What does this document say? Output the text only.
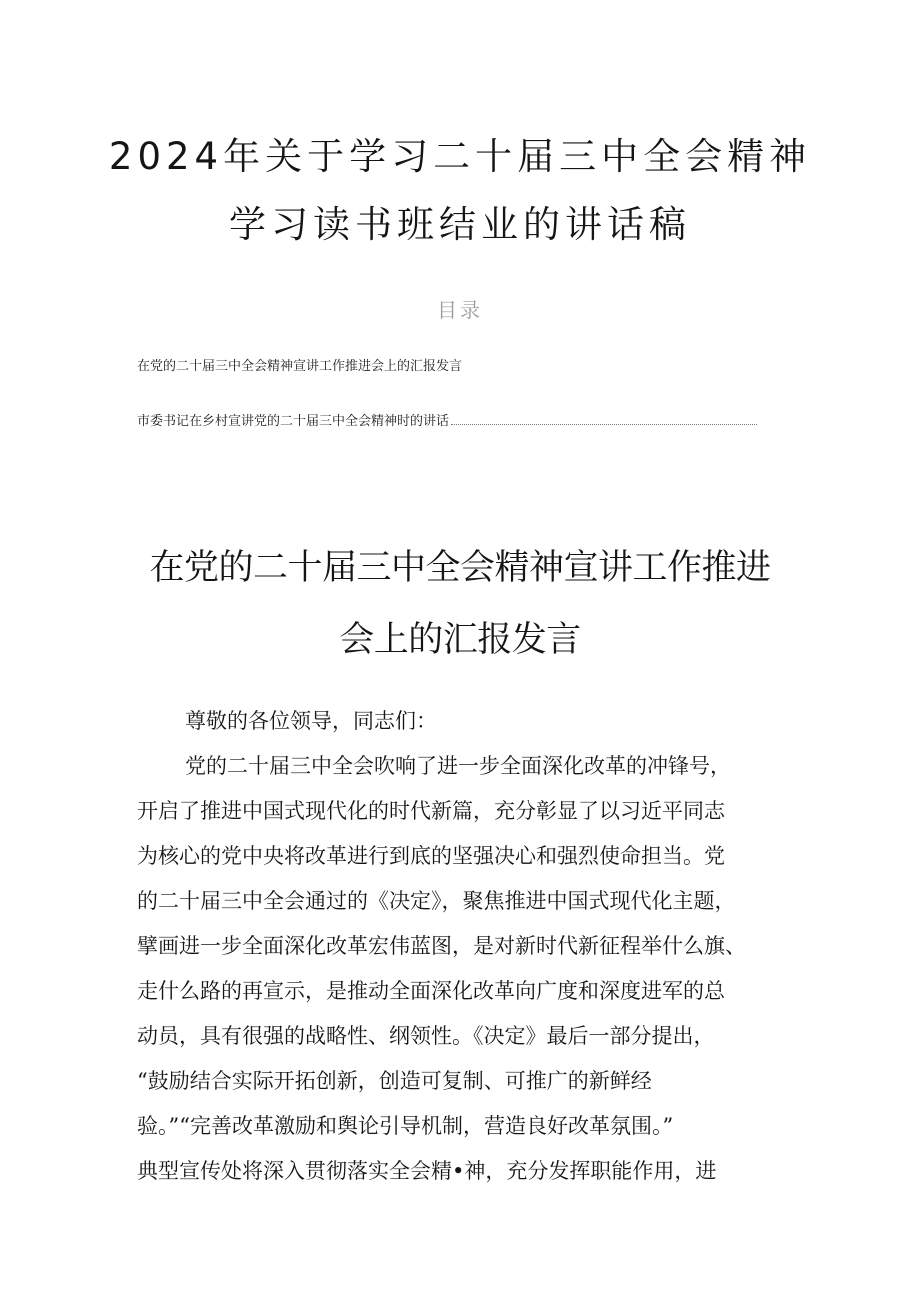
2024年关于学习二十届三中全会精神
学习读书班结业的讲话稿
目录
在党的二十届三中全会精神宣讲工作推进会上的汇报发言
市委书记在乡村宣讲党的二十届三中全会精神时的讲话
在党的二十届三中全会精神宣讲工作推进
会上的汇报发言
尊敬的各位领导，同志们：
党的二十届三中全会吹响了进一步全面深化改革的冲锋号，
开启了推进中国式现代化的时代新篇，充分彰显了以习近平同志
为核心的党中央将改革进行到底的坚强决心和强烈使命担当。党
的二十届三中全会通过的《决定》，聚焦推进中国式现代化主题，
擘画进一步全面深化改革宏伟蓝图，是对新时代新征程举什么旗、
走什么路的再宣示，是推动全面深化改革向广度和深度进军的总
动员，具有很强的战略性、纲领性。《决定》最后一部分提出，
“鼓励结合实际开拓创新，创造可复制、可推广的新鲜经
验。”“完善改革激励和舆论引导机制，营造良好改革氛围。”
典型宣传处将深入贯彻落实全会精•神，充分发挥职能作用，进
